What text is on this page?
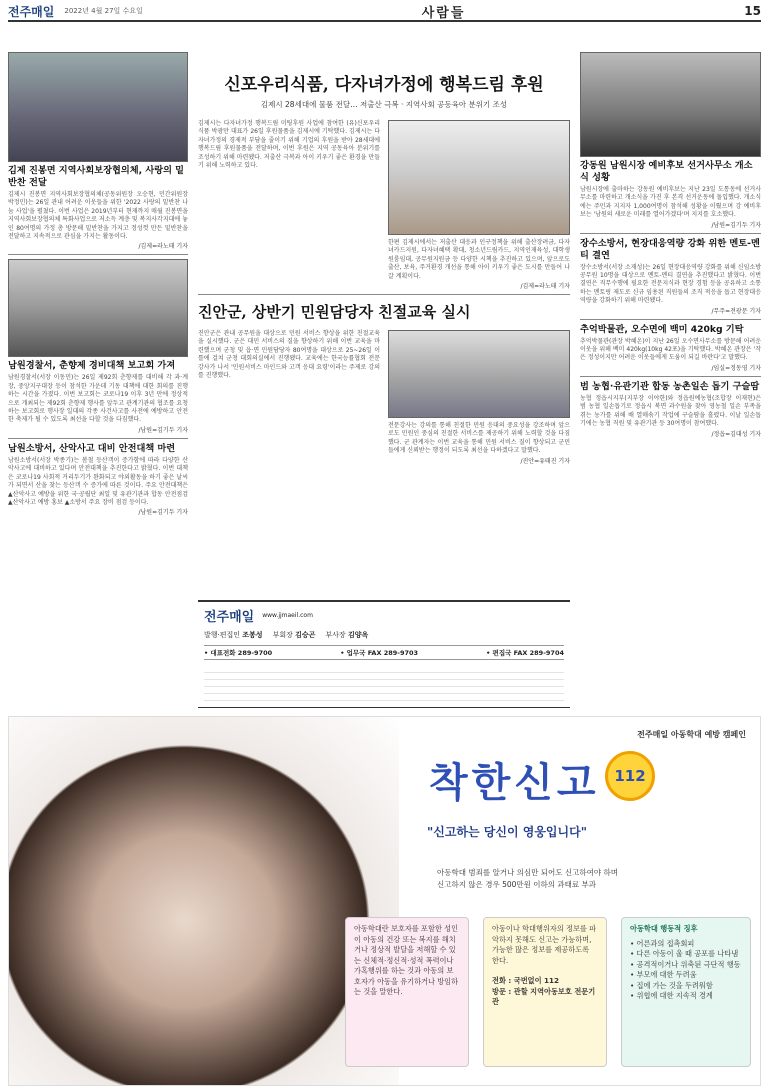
전주매일 2022년 4월 27일 수요일	사람들	15
김제 진봉면 지역사회보장협의체, 사랑의 밑반찬 전달
김제시 진봉면 지역사회보장협의체(공동위원장 오승현, 민간위원장 박정민)는 26일 관내 어려운 이웃들을 위한 '2022 사랑의 밑반찬 나눔 사업'을 펼쳤다. 이번 사업은 2019년부터 현재까지 매월 진봉면을 지역사회보장협의체 특화사업으로 저소득 계층 및 복지사각지대에 놓인 80여명의 가정 총 방문해 밑반찬을 가지고 정성껏 만든 밑반찬을 전달하고 지속적으로 관심을 가지는 활동이다.
/김제=라노태 기자
남원경찰서, 춘향제 경비대책 보고회 가져
남원경찰서(서장 이동민)는 26일 제92회 춘향제를 대비해 각 과·계장, 중앙지구대장 등이 참석한 가운데 기동 대책에 대한 회의를 진행하는 시간을 가졌다. 이번 보고회는 코로나19 이후 3년 만에 정상적으로 개최되는 제92회 춘향제 행사를 앞두고 관계기관의 협조를 요청하는 보고회로 행사장 일대의 각종 사건사고를 사전에 예방하고 안전한 축제가 될 수 있도록 최선을 다할 것을 다짐했다.
/남원=김기두 기자
남원소방서, 산악사고 대비 안전대책 마련
남원소방서(서장 박종기)는 봄철 등산객이 증가함에 따라 다양한 산악사고에 대비하고 있다며 안전대책을 추진한다고 밝혔다. 이번 대책은 코로나19 사회적 거리두기가 완화되고 야외활동을 하기 좋은 날씨가 되면서 산을 찾는 등산객 수 증가에 따른 것이다. 주요 안전대책은 ▲산악사고 예방을 위한 국·공립단 최일 및 유관기관과 합동 안전점검 ▲산악사고 예방 홍보 ▲소방서 주요 장비 점검 등이다.
/남원=김기두 기자
신포우리식품, 다자녀가정에 행복드림 후원
김제시 28세대에 물품 전달… 저출산 극복 · 지역사회 공동육아 분위기 조성
김제시는 다자녀가정 행복드림 미팅후원 사업에 참여한 (유)신포우리식품 박광만 대표가 26일 후원물품을 김제시에 기탁했다. 김제시는 다자녀가정의 경제적 부담을 줄이기 위해 기업의 후원을 받아 28세대에 행복드림 후원물품을 전달하며, 이번 후원은 지역 공동육아 분위기를 조성하기 위해 마련됐다. 저출산 극복과 아이 키우기 좋은 환경을 만들기 위해 노력하고 있다.
한편 김제시에서는 저출산 대응과 인구정책을 위해 출산장려금, 다자녀카드지원, 다자녀혜택 확대, 청소년드림카드, 지역인재육성, 대학생원룸임대, 공무원지원금 등 다양한 시책을 추진하고 있으며, 앞으로도 출산, 보육, 주거환경 개선을 통해 아이 키우기 좋은 도시를 만들어 나갈 계획이다.
/김제=라노태 기자
진안군, 상반기 민원담당자 친절교육 실시
진안군은 관내 공무원을 대상으로 민원 서비스 향상을 위한 친절교육을 실시했다. 군은 대민 서비스의 질을 향상하기 위해 이번 교육을 마련했으며 군청 및 읍·면 민원담당자 80여명을 대상으로 25~26일 이틀에 걸쳐 군청 대회의실에서 진행됐다. 교육에는 한국능률협회 전문 강사가 나서 '민원서비스 마인드와 고객 응대 요령'이라는 주제로 강의를 진행했다.
전문강사는 강의를 통해 친절한 민원 응대의 중요성을 강조하며 앞으로도 민원인 중심의 친절한 서비스를 제공하기 위해 노력할 것을 다짐했다. 군 관계자는 이번 교육을 통해 민원 서비스 질이 향상되고 군민들에게 신뢰받는 행정이 되도록 최선을 다하겠다고 말했다.
/진안=유태진 기자
전주매일 www.jjmaeil.com
발행·편집인 조봉성 부회장 김승곤 부사장 김양옥
• 대표전화 289-9700	• 업무국 FAX 289-9703	• 편집국 FAX 289-9704
강동원 남원시장 예비후보 선거사무소 개소식 성황
남원시장에 출마하는 강동원 예비후보는 지난 23일 도통동에 선거사무소를 마련하고 개소식을 가진 후 본격 선거운동에 돌입했다. 개소식에는 주민과 지지자 1,000여명이 참석해 성황을 이뤘으며 강 예비후보는 '남원의 새로운 미래를 열어가겠다'며 지지를 호소했다.
/남원=김기두 기자
장수소방서, 현장대응역량 강화 위한 멘토-멘티 결연
장수소방서(서장 소재성)는 26일 현장대응역량 강화를 위해 신임소방공무원 10명을 대상으로 멘토-멘티 결연을 추진했다고 밝혔다. 이번 결연은 직무수행에 필요한 전문지식과 현장 경험 등을 공유하고 소통하는 멘토링 제도로 신규 임용된 직원들의 조직 적응을 돕고 현장대응역량을 강화하기 위해 마련됐다.
/무주=전광문 기자
추억박물관, 오수면에 백미 420kg 기탁
추억박물관(관장 박혜온)이 지난 26일 오수면사무소를 방문해 어려운 이웃을 위해 백미 420kg(10kg 42포)을 기탁했다. 박혜온 관장은 '작은 정성이지만 어려운 이웃들에게 도움이 되길 바란다'고 말했다.
/임실=정동영 기자
범 농협·유관기관 합동 농촌일손 돕기 구슬땀
농협 정읍시지부(지부장 이야한)와 정읍원예농협(조합장 이재현)은 범 농협 일손돕기로 정읍시 북면 과수원을 찾아 영농철 일손 부족을 겪는 농가를 위해 배 열매솎기 작업에 구슬땀을 흘렸다. 이날 일손돕기에는 농협 직원 및 유관기관 등 30여명이 참여했다.
/정읍=김대성 기자
전주매일 아동학대 예방 캠페인
착한신고 112
"신고하는 당신이 영웅입니다"
아동학대 범죄를 알거나 의심만 되어도 신고하여야 하며
신고하지 않은 경우 500만원 이하의 과태료 부과
아동학대란 보호자를 포함한 성인이 아동의 건강 또는 복지를 해치거나 정상적 발달을 저해할 수 있는 신체적·정신적·성적 폭력이나 가혹행위를 하는 것과 아동의 보호자가 아동을 유기하거나 방임하는 것을 말한다.
아동이나 학대행위자의 정보를 파악하지 못해도 신고는 가능하며, 가능한 많은 정보를 제공하도록 한다.
전화 : 국번없이 112
방문 : 관할 지역아동보호 전문기관
아동학대 행동적 징후
• 어른과의 접촉회피
• 다른 아동이 울 때 공포를 나타냄
• 공격적이거나 위축된 극단적 행동
• 부모에 대한 두려움
• 집에 가는 것을 두려워함
• 위협에 대한 지속적 경계
